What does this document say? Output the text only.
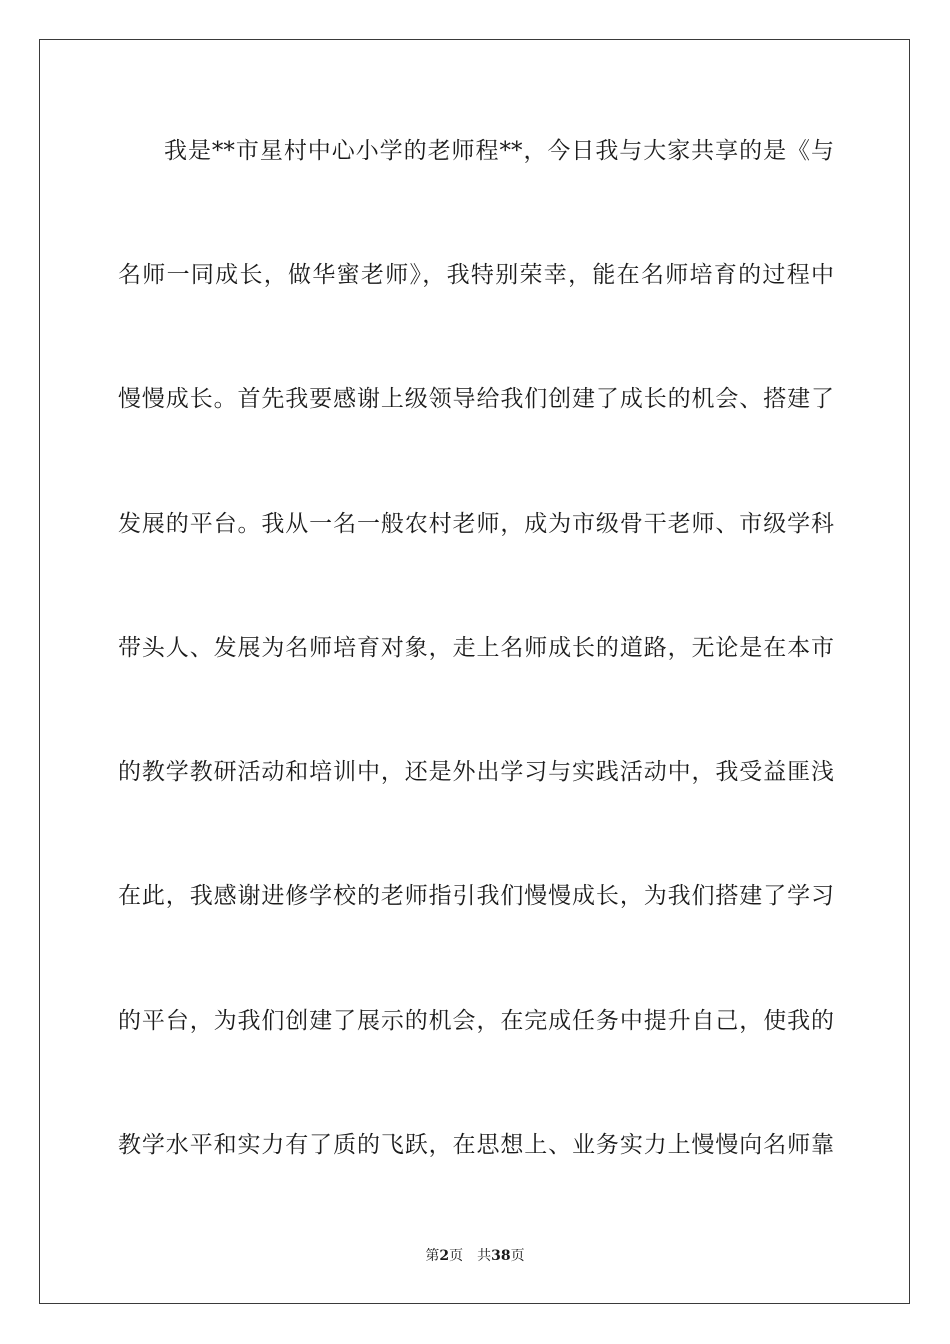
我是**市星村中心小学的老师程**，今日我与大家共享的是《与
名师一同成长，做华蜜老师》，我特别荣幸，能在名师培育的过程中
慢慢成长。首先我要感谢上级领导给我们创建了成长的机会、搭建了
发展的平台。我从一名一般农村老师，成为市级骨干老师、市级学科
带头人、发展为名师培育对象，走上名师成长的道路，无论是在本市
的教学教研活动和培训中，还是外出学习与实践活动中，我受益匪浅
在此，我感谢进修学校的老师指引我们慢慢成长，为我们搭建了学习
的平台，为我们创建了展示的机会，在完成任务中提升自己，使我的
教学水平和实力有了质的飞跃，在思想上、业务实力上慢慢向名师靠
第2页 共38页
